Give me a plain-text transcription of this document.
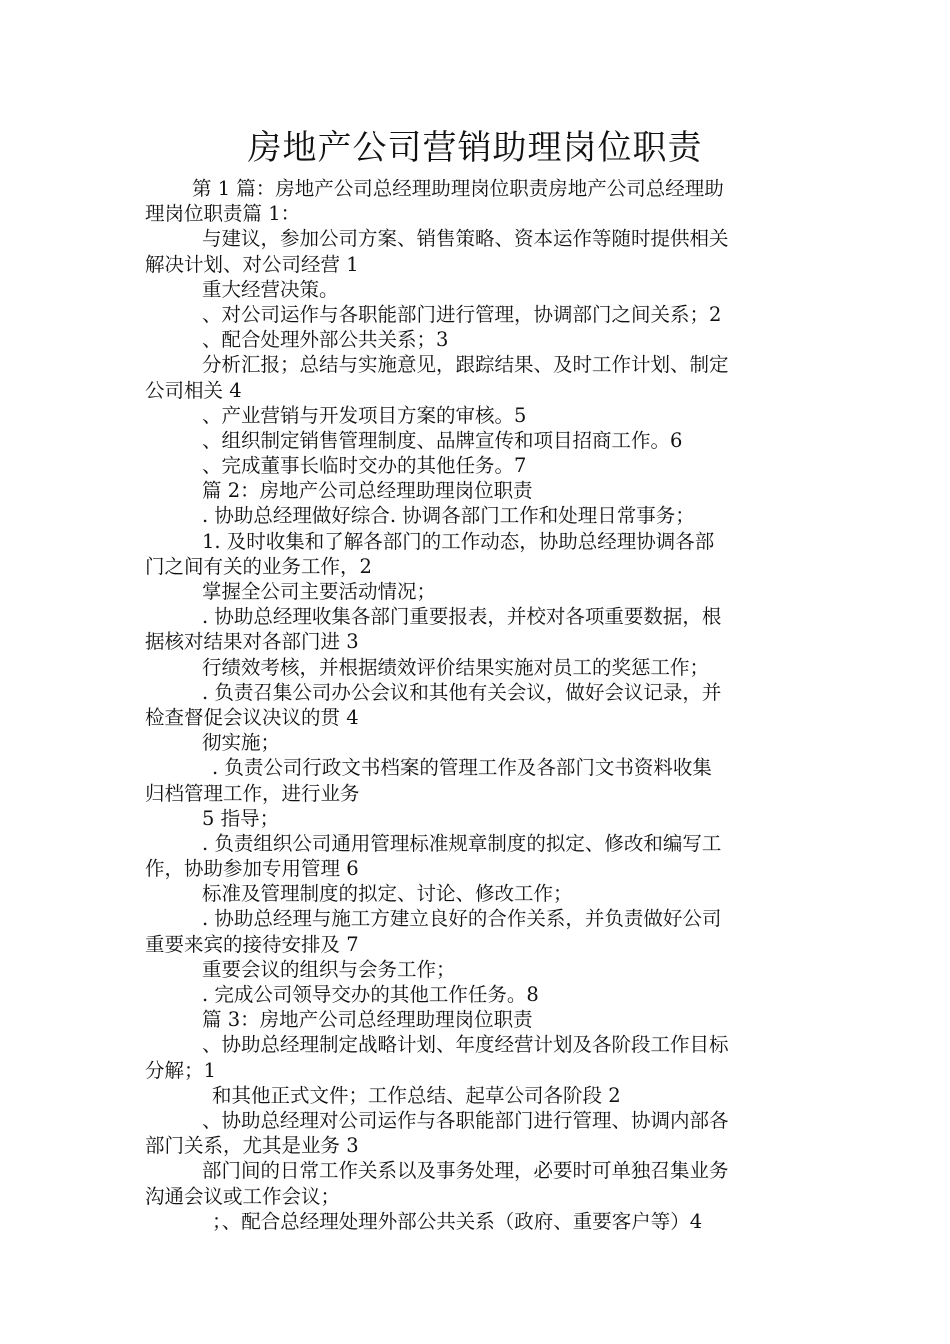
房地产公司营销助理岗位职责
第 1 篇：房地产公司总经理助理岗位职责房地产公司总经理助
理岗位职责篇 1：
与建议，参加公司方案、销售策略、资本运作等随时提供相关
解决计划、对公司经营 1
重大经营决策。
、对公司运作与各职能部门进行管理，协调部门之间关系；2
、配合处理外部公共关系；3
分析汇报；总结与实施意见，跟踪结果、及时工作计划、制定
公司相关 4
、产业营销与开发项目方案的审核。5
、组织制定销售管理制度、品牌宣传和项目招商工作。6
、完成董事长临时交办的其他任务。7
篇 2：房地产公司总经理助理岗位职责
. 协助总经理做好综合. 协调各部门工作和处理日常事务；
1. 及时收集和了解各部门的工作动态，协助总经理协调各部
门之间有关的业务工作，2
掌握全公司主要活动情况；
. 协助总经理收集各部门重要报表，并校对各项重要数据，根
据核对结果对各部门进 3
行绩效考核，并根据绩效评价结果实施对员工的奖惩工作；
. 负责召集公司办公会议和其他有关会议，做好会议记录，并
检查督促会议决议的贯 4
彻实施；
. 负责公司行政文书档案的管理工作及各部门文书资料收集
归档管理工作，进行业务
5 指导；
. 负责组织公司通用管理标准规章制度的拟定、修改和编写工
作，协助参加专用管理 6
标准及管理制度的拟定、讨论、修改工作；
. 协助总经理与施工方建立良好的合作关系，并负责做好公司
重要来宾的接待安排及 7
重要会议的组织与会务工作；
. 完成公司领导交办的其他工作任务。8
篇 3：房地产公司总经理助理岗位职责
、协助总经理制定战略计划、年度经营计划及各阶段工作目标
分解；1
和其他正式文件；工作总结、起草公司各阶段 2
、协助总经理对公司运作与各职能部门进行管理、协调内部各
部门关系，尤其是业务 3
部门间的日常工作关系以及事务处理，必要时可单独召集业务
沟通会议或工作会议；
；、配合总经理处理外部公共关系（政府、重要客户等）4
